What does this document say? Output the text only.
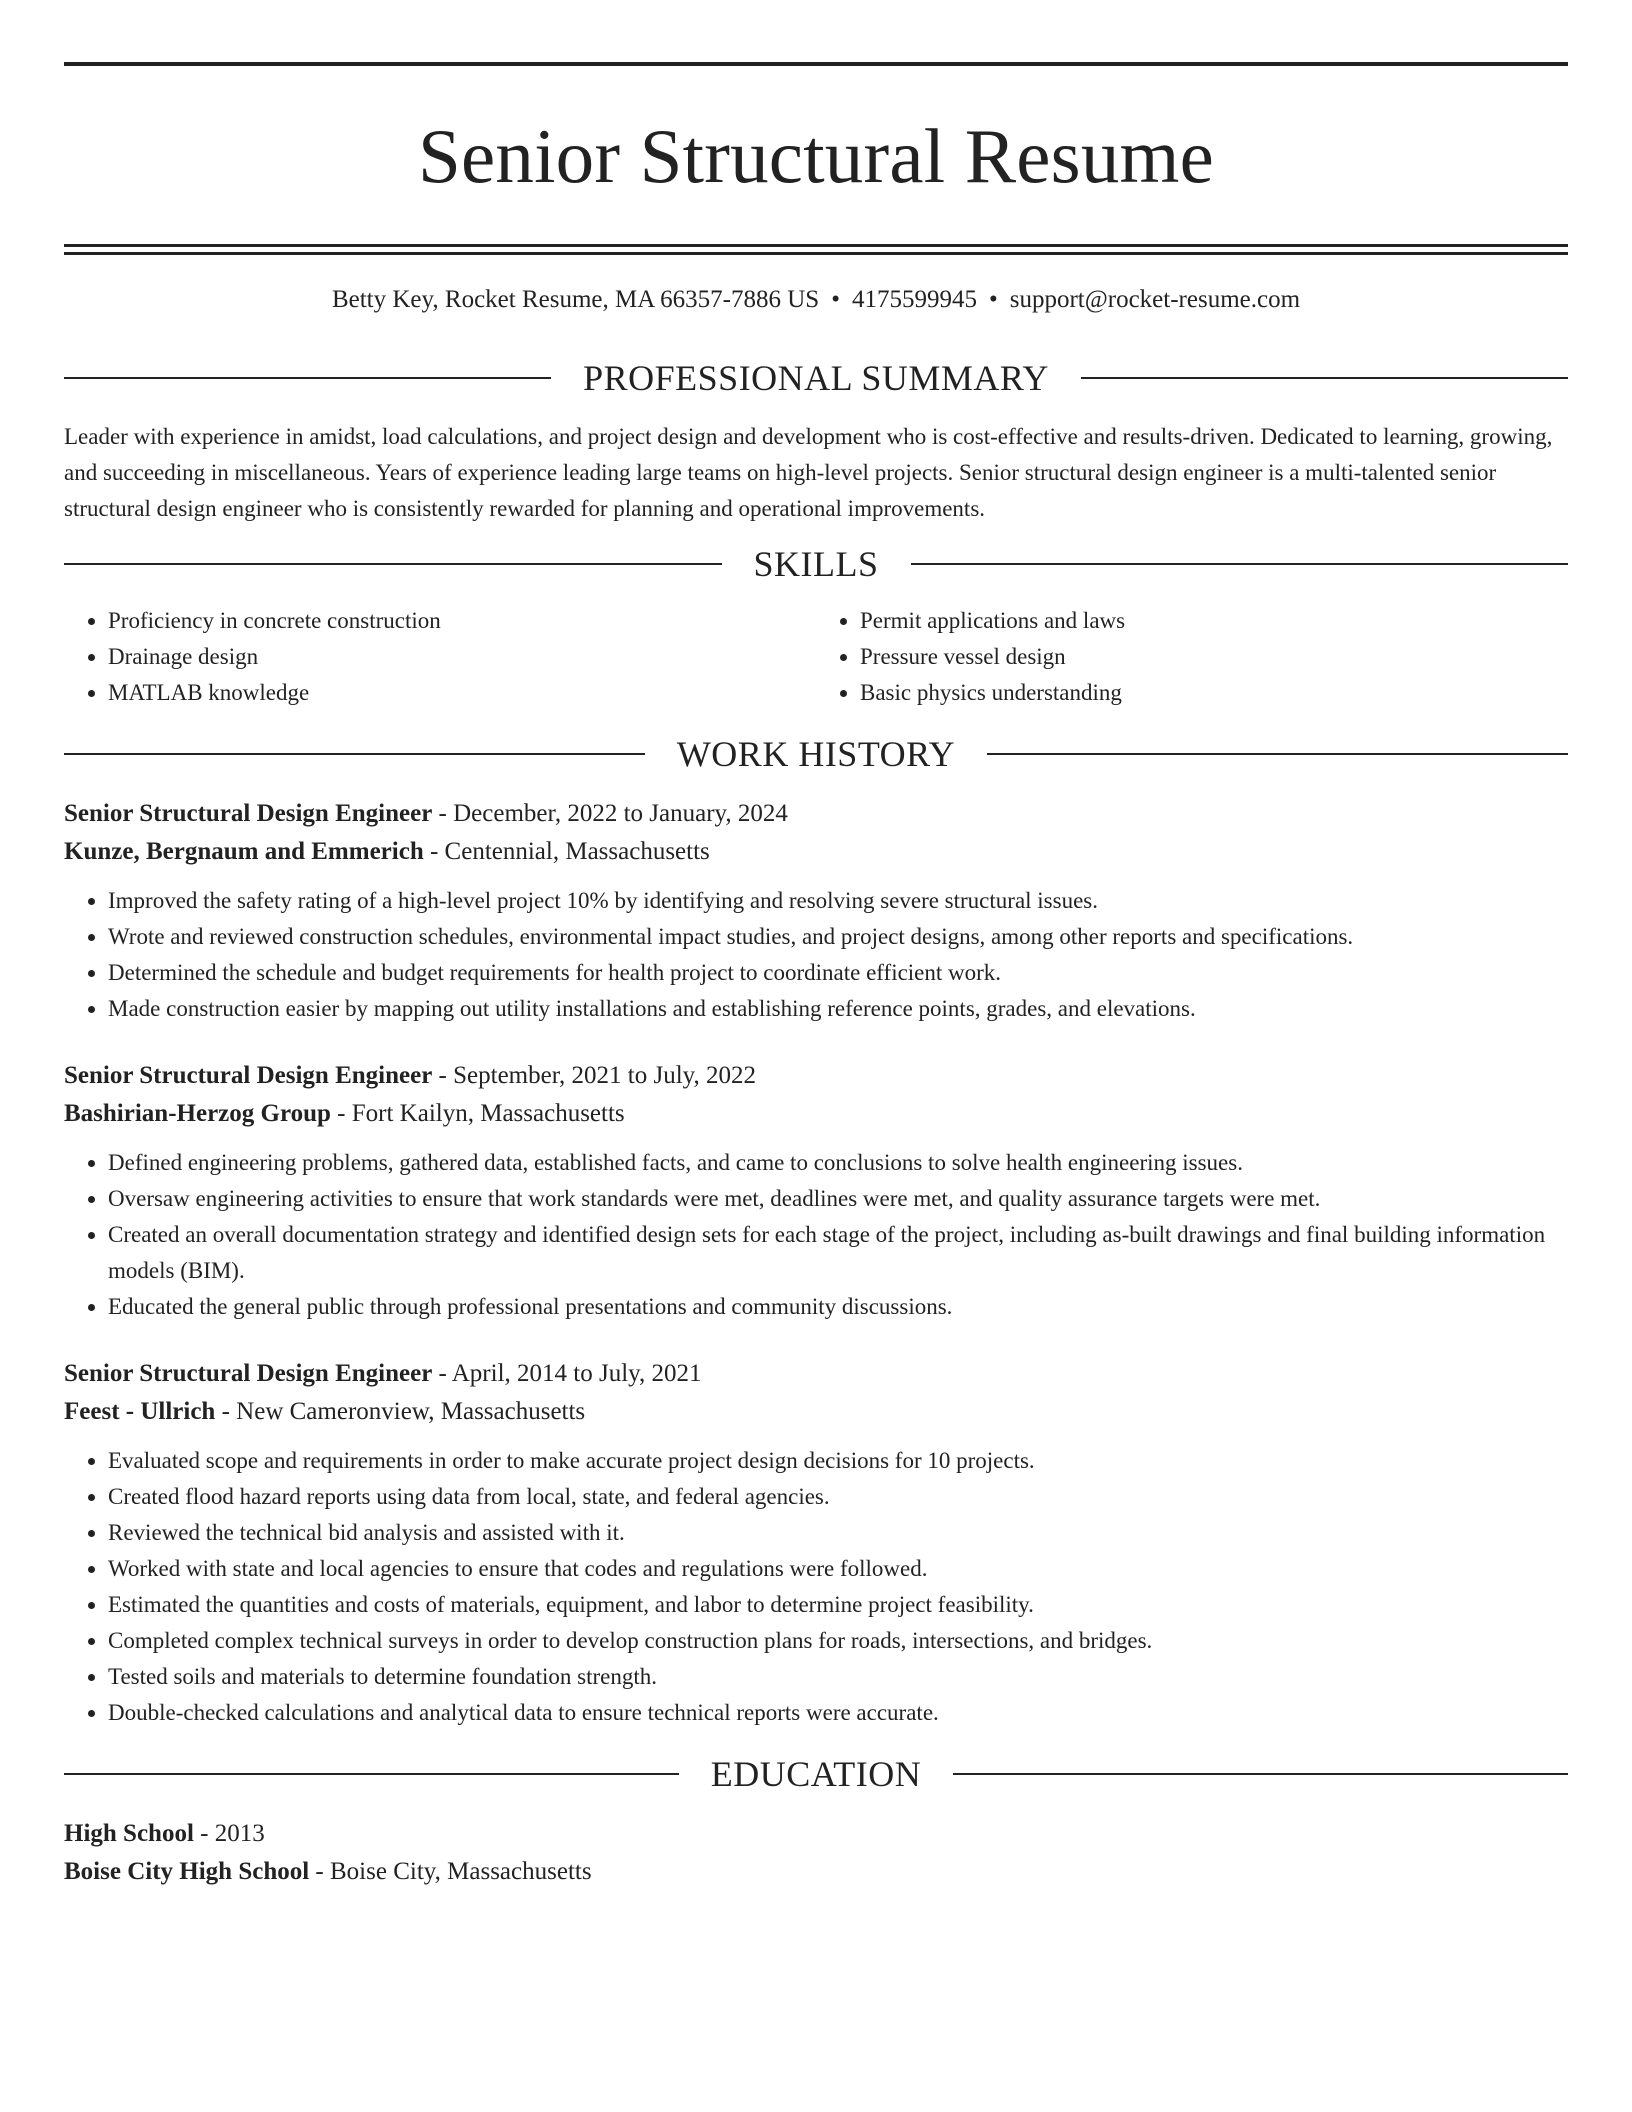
Senior Structural Resume
Betty Key, Rocket Resume, MA 66357-7886 US • 4175599945 • support@rocket-resume.com
PROFESSIONAL SUMMARY

Leader with experience in amidst, load calculations, and project design and development who is cost-effective and results-driven. Dedicated to learning, growing, and succeeding in miscellaneous. Years of experience leading large teams on high-level projects. Senior structural design engineer is a multi-talented senior structural design engineer who is consistently rewarded for planning and operational improvements.

SKILLS
• Proficiency in concrete construction
• Drainage design
• MATLAB knowledge
• Permit applications and laws
• Pressure vessel design
• Basic physics understanding
WORK HISTORY
Senior Structural Design Engineer - December, 2022 to January, 2024
Kunze, Bergnaum and Emmerich - Centennial, Massachusetts
• Improved the safety rating of a high-level project 10% by identifying and resolving severe structural issues.
• Wrote and reviewed construction schedules, environmental impact studies, and project designs, among other reports and specifications.
• Determined the schedule and budget requirements for health project to coordinate efficient work.
• Made construction easier by mapping out utility installations and establishing reference points, grades, and elevations.
Senior Structural Design Engineer - September, 2021 to July, 2022
Bashirian-Herzog Group - Fort Kailyn, Massachusetts
• Defined engineering problems, gathered data, established facts, and came to conclusions to solve health engineering issues.
• Oversaw engineering activities to ensure that work standards were met, deadlines were met, and quality assurance targets were met.
• Created an overall documentation strategy and identified design sets for each stage of the project, including as-built drawings and final building information models (BIM).
• Educated the general public through professional presentations and community discussions.
Senior Structural Design Engineer - April, 2014 to July, 2021
Feest - Ullrich - New Cameronview, Massachusetts
• Evaluated scope and requirements in order to make accurate project design decisions for 10 projects.
• Created flood hazard reports using data from local, state, and federal agencies.
• Reviewed the technical bid analysis and assisted with it.
• Worked with state and local agencies to ensure that codes and regulations were followed.
• Estimated the quantities and costs of materials, equipment, and labor to determine project feasibility.
• Completed complex technical surveys in order to develop construction plans for roads, intersections, and bridges.
• Tested soils and materials to determine foundation strength.
• Double-checked calculations and analytical data to ensure technical reports were accurate.
EDUCATION
High School - 2013
Boise City High School - Boise City, Massachusetts
